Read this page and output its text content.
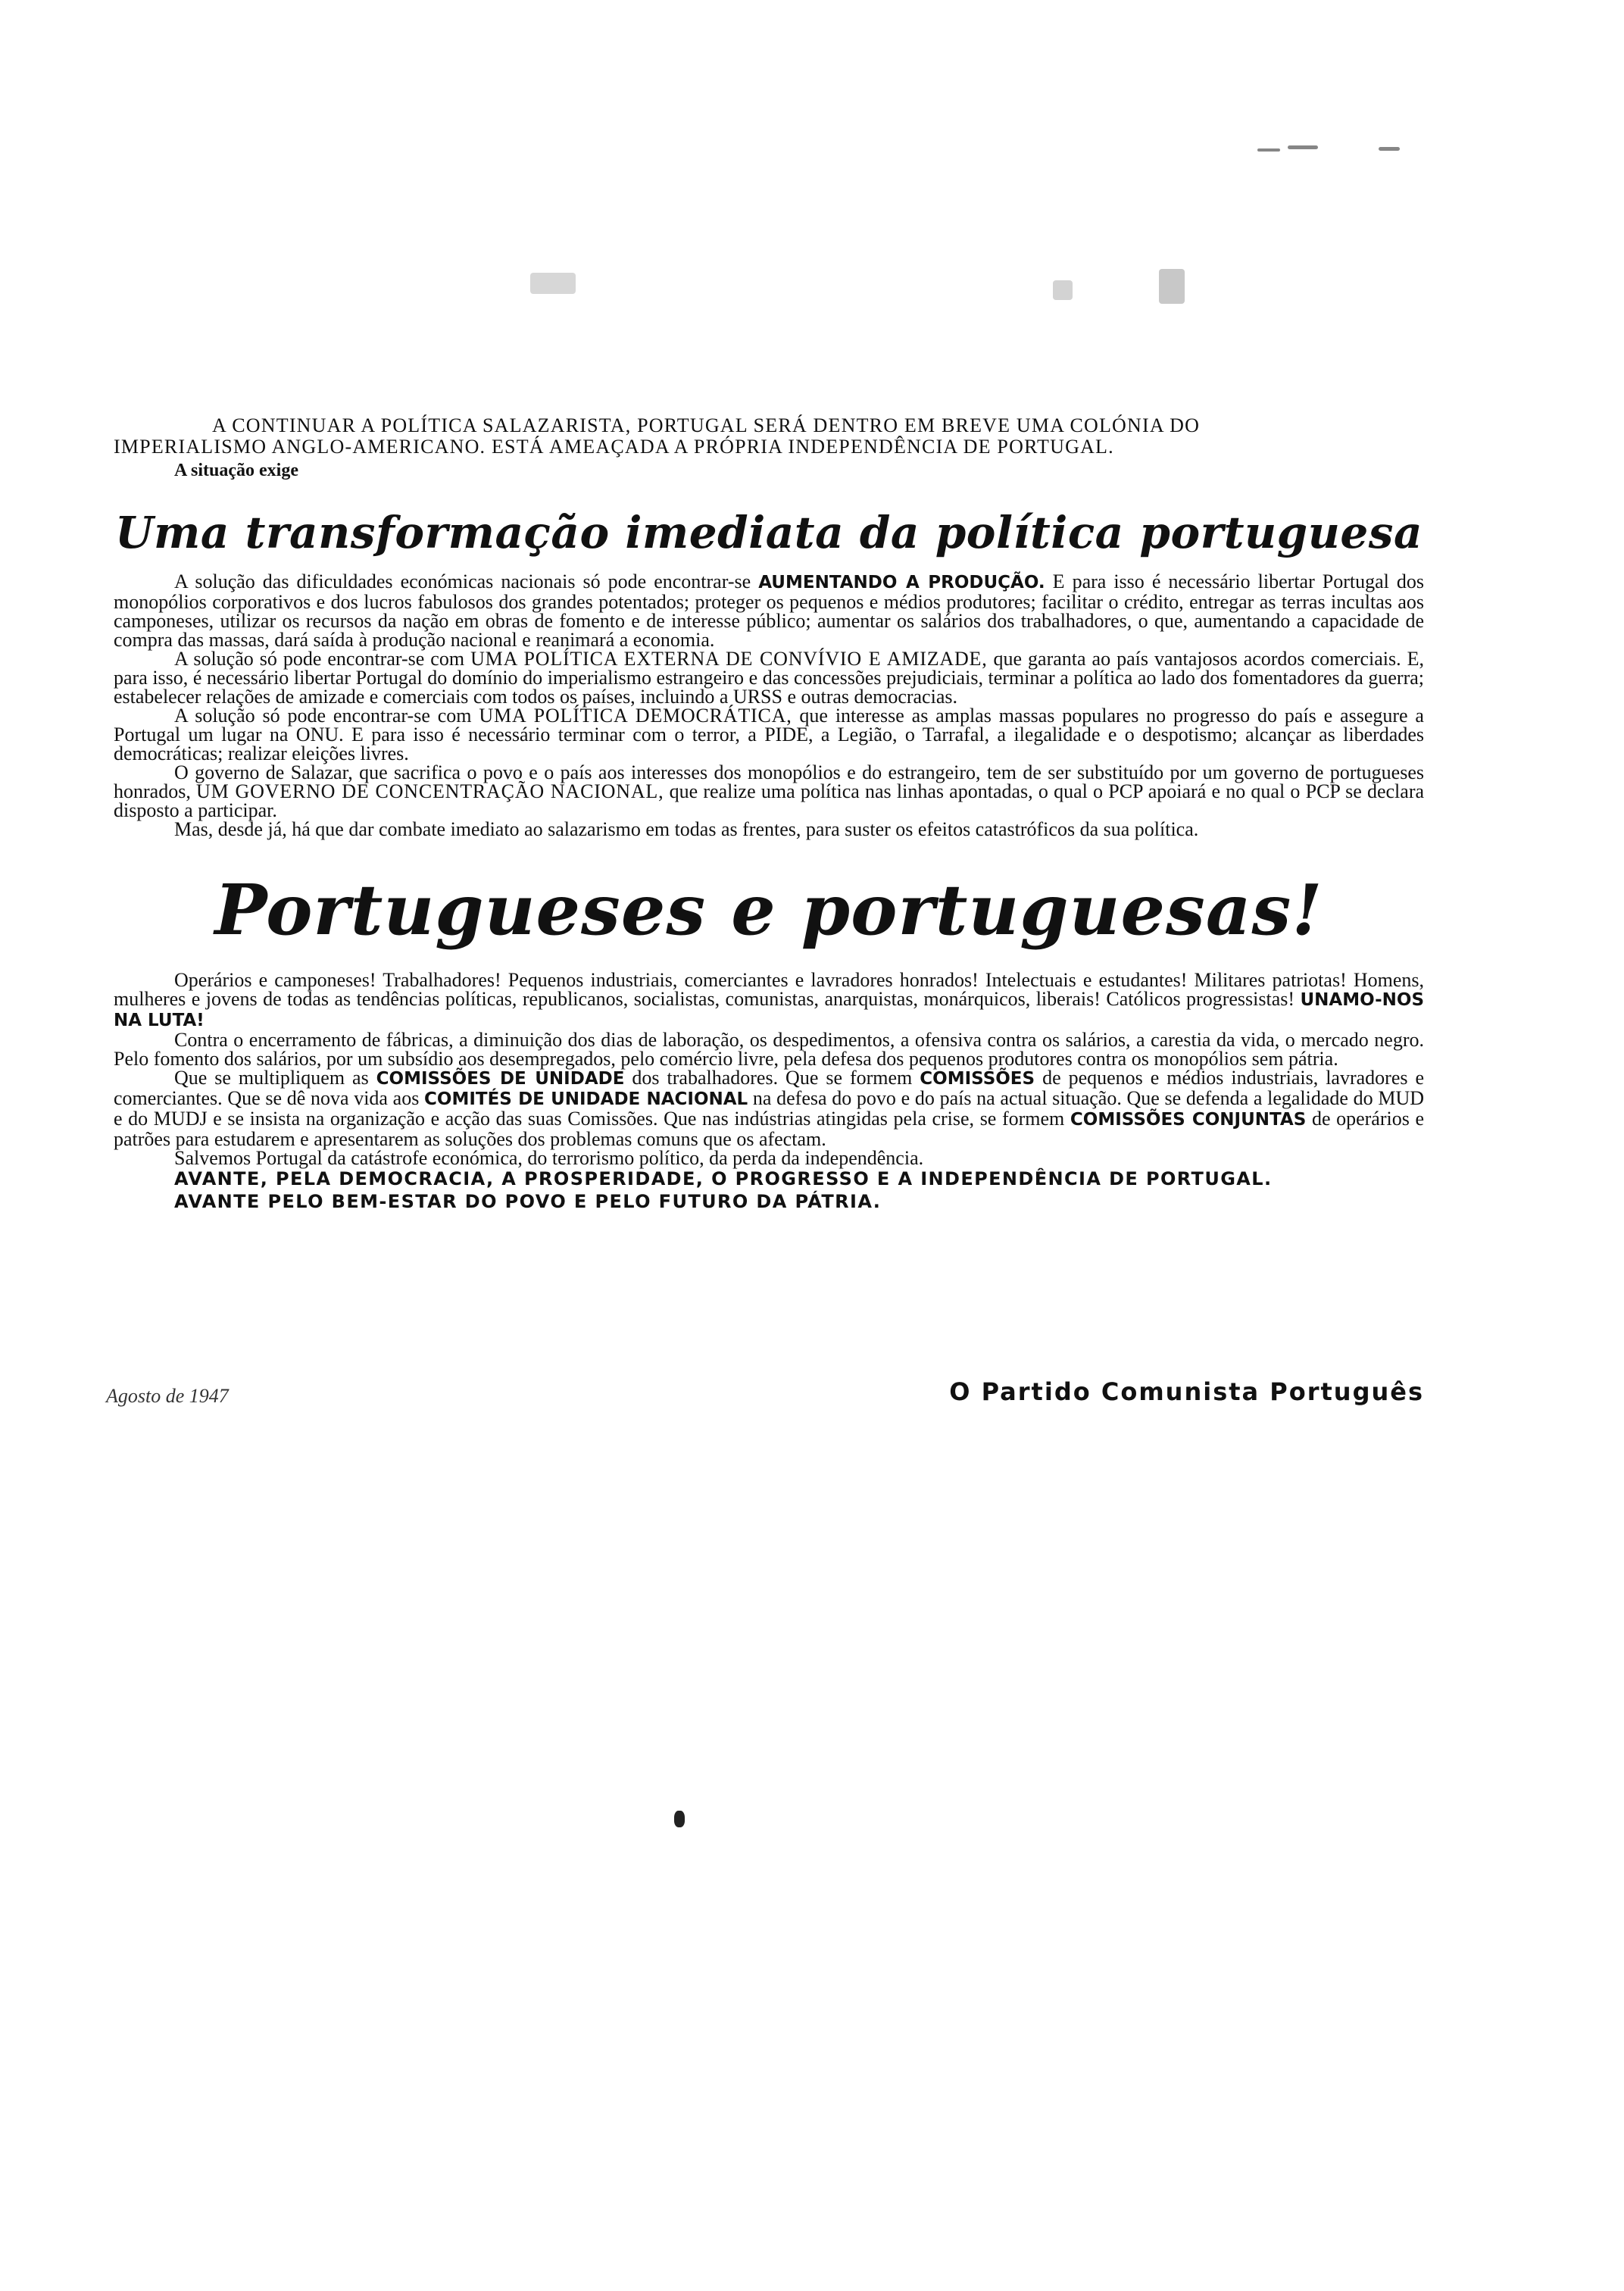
A CONTINUAR A POLÍTICA SALAZARISTA, PORTUGAL SERÁ DENTRO EM BREVE UMA COLÓNIA DO

IMPERIALISMO ANGLO-AMERICANO. ESTÁ AMEAÇADA A PRÓPRIA INDEPENDÊNCIA DE PORTUGAL.

A situação exige

Uma transformação imediata da política portuguesa

A solução das dificuldades económicas nacionais só pode encontrar-se AUMENTANDO A PRODUÇÃO. E para isso é necessário libertar Portugal dos monopólios corporativos e dos lucros fabulosos dos grandes potentados; proteger os pequenos e médios produtores; facilitar o crédito, entregar as terras incultas aos camponeses, utilizar os recursos da nação em obras de fomento e de interesse público; aumentar os salários dos trabalhadores, o que, aumentando a capacidade de compra das massas, dará saída à produção nacional e reanimará a economia.

A solução só pode encontrar-se com UMA POLÍTICA EXTERNA DE CONVÍVIO E AMIZADE, que garanta ao país vantajosos acordos comerciais. E, para isso, é necessário libertar Portugal do domínio do imperialismo estrangeiro e das concessões prejudiciais, terminar a política ao lado dos fomentadores da guerra; estabelecer relações de amizade e comerciais com todos os países, incluindo a URSS e outras democracias.

A solução só pode encontrar-se com UMA POLÍTICA DEMOCRÁTICA, que interesse as amplas massas populares no progresso do país e assegure a Portugal um lugar na ONU. E para isso é necessário terminar com o terror, a PIDE, a Legião, o Tarrafal, a ilegalidade e o despotismo; alcançar as liberdades democráticas; realizar eleições livres.

O governo de Salazar, que sacrifica o povo e o país aos interesses dos monopólios e do estrangeiro, tem de ser substituído por um governo de portugueses honrados, UM GOVERNO DE CONCENTRAÇÃO NACIONAL, que realize uma política nas linhas apontadas, o qual o PCP apoiará e no qual o PCP se declara disposto a participar.

Mas, desde já, há que dar combate imediato ao salazarismo em todas as frentes, para suster os efeitos catastróficos da sua política.

Portugueses e portuguesas!

Operários e camponeses! Trabalhadores! Pequenos industriais, comerciantes e lavradores honrados! Intelectuais e estudantes! Militares patriotas! Homens, mulheres e jovens de todas as tendências políticas, republicanos, socialistas, comunistas, anarquistas, monárquicos, liberais! Católicos progressistas! UNAMO-NOS NA LUTA!

Contra o encerramento de fábricas, a diminuição dos dias de laboração, os despedimentos, a ofensiva contra os salários, a carestia da vida, o mercado negro. Pelo fomento dos salários, por um subsídio aos desempregados, pelo comércio livre, pela defesa dos pequenos produtores contra os monopólios sem pátria.

Que se multipliquem as COMISSÕES DE UNIDADE dos trabalhadores. Que se formem COMISSÕES de pequenos e médios industriais, lavradores e comerciantes. Que se dê nova vida aos COMITÉS DE UNIDADE NACIONAL na defesa do povo e do país na actual situação. Que se defenda a legalidade do MUD e do MUDJ e se insista na organização e acção das suas Comissões. Que nas indústrias atingidas pela crise, se formem COMISSÕES CONJUNTAS de operários e patrões para estudarem e apresentarem as soluções dos problemas comuns que os afectam.

Salvemos Portugal da catástrofe económica, do terrorismo político, da perda da independência.

AVANTE, PELA DEMOCRACIA, A PROSPERIDADE, O PROGRESSO E A INDEPENDÊNCIA DE PORTUGAL.

AVANTE PELO BEM-ESTAR DO POVO E PELO FUTURO DA PÁTRIA.

Agosto de 1947	O Partido Comunista Português
